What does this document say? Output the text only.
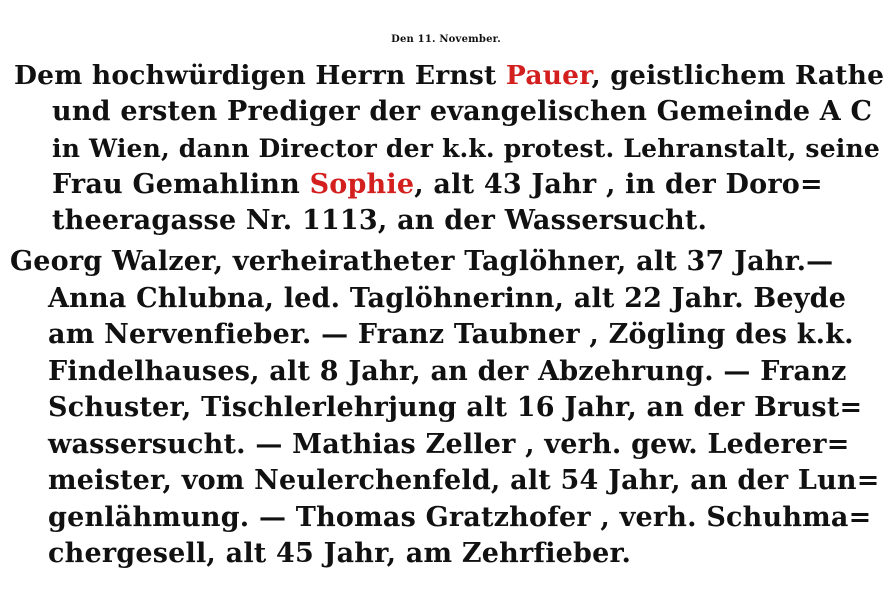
Den 11. November.
Dem hochwürdigen Herrn Ernst Pauer, geistlichem Rathe
und ersten Prediger der evangelischen Gemeinde A C
in Wien, dann Director der k.k. protest. Lehranstalt, seine
Frau Gemahlinn Sophie, alt 43 Jahr , in der Doro=
theeragasse Nr. 1113, an der Wassersucht.
Georg Walzer, verheiratheter Taglöhner, alt 37 Jahr.—
Anna Chlubna, led. Taglöhnerinn, alt 22 Jahr. Beyde
am Nervenfieber. — Franz Taubner , Zögling des k.k.
Findelhauses, alt 8 Jahr, an der Abzehrung. — Franz
Schuster, Tischlerlehrjung alt 16 Jahr, an der Brust=
wassersucht. — Mathias Zeller , verh. gew. Lederer=
meister, vom Neulerchenfeld, alt 54 Jahr, an der Lun=
genlähmung. — Thomas Gratzhofer , verh. Schuhma=
chergesell, alt 45 Jahr, am Zehrfieber.
